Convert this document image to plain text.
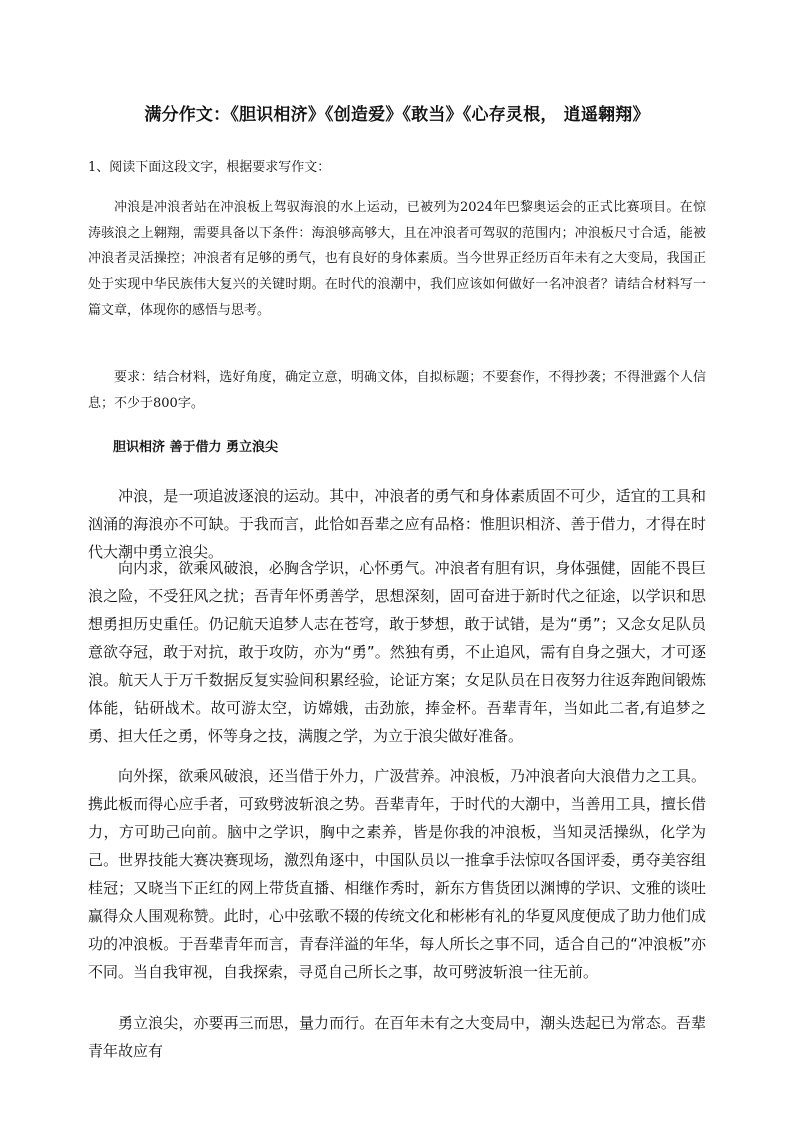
满分作文：《胆识相济》《创造爱》《敢当》《心存灵根， 逍遥翱翔》

1、阅读下面这段文字，根据要求写作文：

冲浪是冲浪者站在冲浪板上驾驭海浪的水上运动，已被列为2024年巴黎奥运会的正式比赛项目。在惊涛骇浪之上翱翔，需要具备以下条件：海浪够高够大，且在冲浪者可驾驭的范围内；冲浪板尺寸合适，能被冲浪者灵活操控；冲浪者有足够的勇气，也有良好的身体素质。当今世界正经历百年未有之大变局，我国正处于实现中华民族伟大复兴的关键时期。在时代的浪潮中，我们应该如何做好一名冲浪者？请结合材料写一篇文章，体现你的感悟与思考。

要求：结合材料，选好角度，确定立意，明确文体，自拟标题；不要套作，不得抄袭；不得泄露个人信息；不少于800字。

胆识相济 善于借力 勇立浪尖

冲浪，是一项追波逐浪的运动。其中，冲浪者的勇气和身体素质固不可少，适宜的工具和汹涌的海浪亦不可缺。于我而言，此恰如吾辈之应有品格：惟胆识相济、善于借力，才得在时代大潮中勇立浪尖。

向内求，欲乘风破浪，必胸含学识，心怀勇气。冲浪者有胆有识，身体强健，固能不畏巨浪之险，不受狂风之扰；吾青年怀勇善学，思想深刻，固可奋进于新时代之征途，以学识和思想勇担历史重任。仍记航天追梦人志在苍穹，敢于梦想，敢于试错，是为“勇”；又念女足队员意欲夺冠，敢于对抗，敢于攻防，亦为“勇”。然独有勇，不止追风，需有自身之强大，才可逐浪。航天人于万千数据反复实验间积累经验，论证方案；女足队员在日夜努力往返奔跑间锻炼体能，钻研战术。故可游太空，访嫦娥，击劲旅，捧金杯。吾辈青年，当如此二者,有追梦之勇、担大任之勇，怀等身之技，满腹之学，为立于浪尖做好准备。

向外探，欲乘风破浪，还当借于外力，广汲营养。冲浪板，乃冲浪者向大浪借力之工具。携此板而得心应手者，可致劈波斩浪之势。吾辈青年，于时代的大潮中，当善用工具，擅长借力，方可助己向前。脑中之学识，胸中之素养，皆是你我的冲浪板，当知灵活操纵，化学为己。世界技能大赛决赛现场，激烈角逐中，中国队员以一推拿手法惊叹各国评委，勇夺美容组桂冠；又晓当下正红的网上带货直播、相继作秀时，新东方售货团以渊博的学识、文雅的谈吐赢得众人围观称赞。此时，心中弦歌不辍的传统文化和彬彬有礼的华夏风度便成了助力他们成功的冲浪板。于吾辈青年而言，青春洋溢的年华，每人所长之事不同，适合自己的“冲浪板”亦不同。当自我审视，自我探索，寻觅自己所长之事，故可劈波斩浪一往无前。

勇立浪尖，亦要再三而思，量力而行。在百年未有之大变局中，潮头迭起已为常态。吾辈青年故应有
